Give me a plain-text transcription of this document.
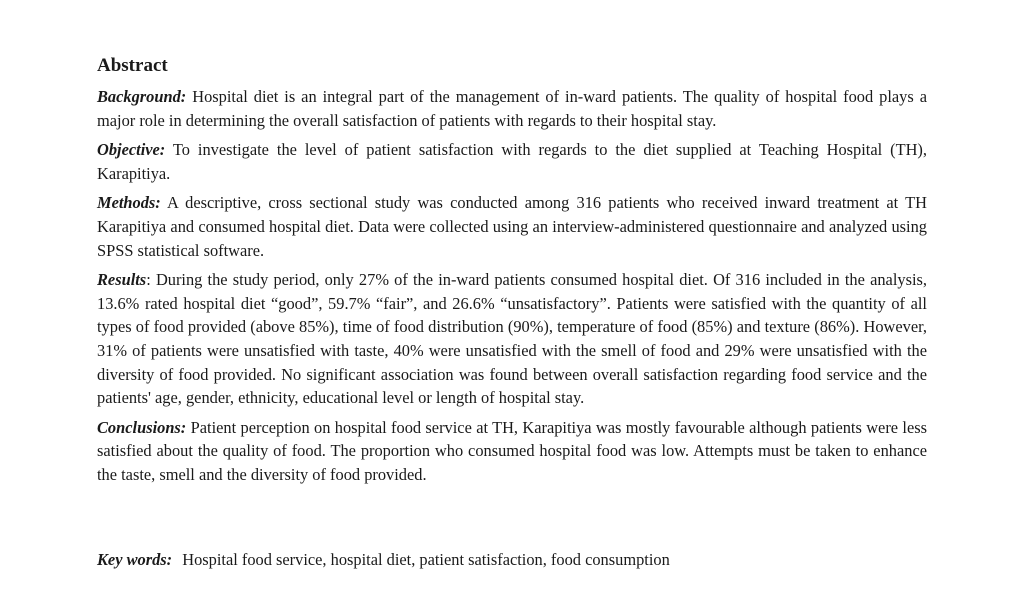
Abstract

Background: Hospital diet is an integral part of the management of in-ward patients. The quality of hospital food plays a major role in determining the overall satisfaction of patients with regards to their hospital stay.

Objective: To investigate the level of patient satisfaction with regards to the diet supplied at Teaching Hospital (TH), Karapitiya.

Methods: A descriptive, cross sectional study was conducted among 316 patients who received inward treatment at TH Karapitiya and consumed hospital diet. Data were collected using an interview-administered questionnaire and analyzed using SPSS statistical software.

Results: During the study period, only 27% of the in-ward patients consumed hospital diet. Of 316 included in the analysis, 13.6% rated hospital diet “good”, 59.7% “fair”, and 26.6% “unsatisfactory”. Patients were satisfied with the quantity of all types of food provided (above 85%), time of food distribution (90%), temperature of food (85%) and texture (86%). However, 31% of patients were unsatisfied with taste, 40% were unsatisfied with the smell of food and 29% were unsatisfied with the diversity of food provided. No significant association was found between overall satisfaction regarding food service and the patients' age, gender, ethnicity, educational level or length of hospital stay.

Conclusions: Patient perception on hospital food service at TH, Karapitiya was mostly favourable although patients were less satisfied about the quality of food. The proportion who consumed hospital food was low. Attempts must be taken to enhance the taste, smell and the diversity of food provided.

Key words: Hospital food service, hospital diet, patient satisfaction, food consumption
